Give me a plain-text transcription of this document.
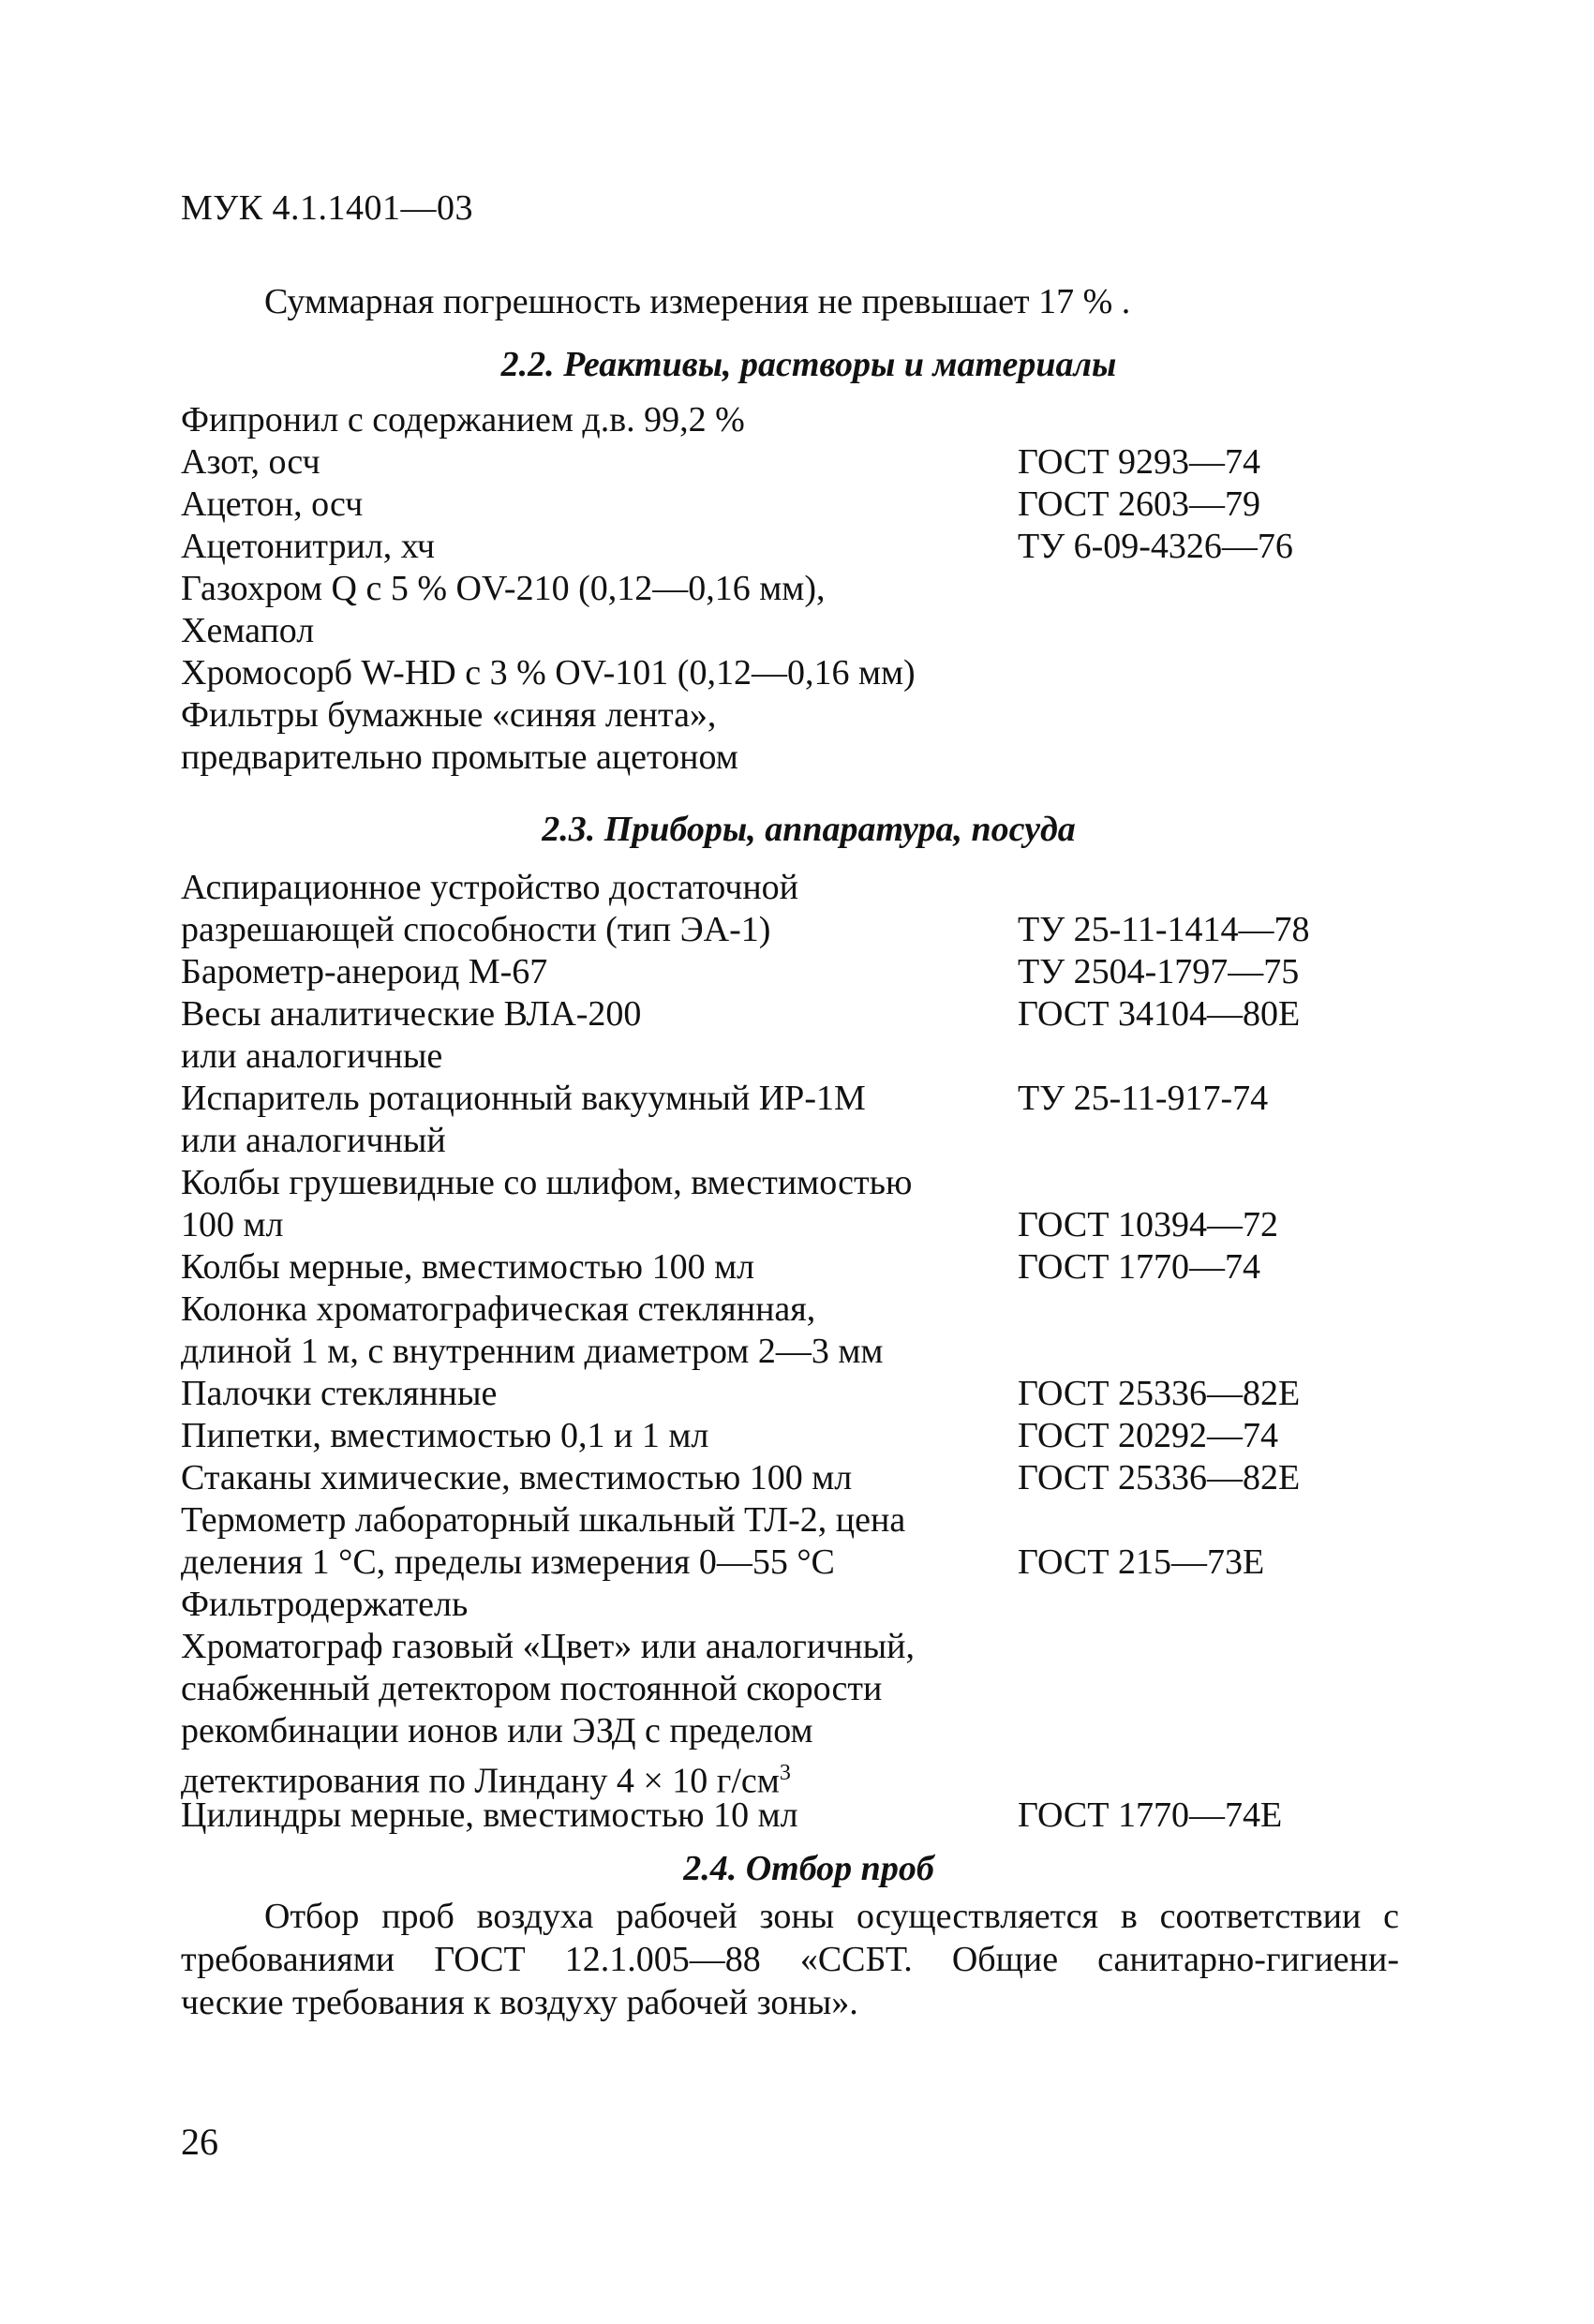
МУК 4.1.1401—03
Суммарная погрешность измерения не превышает 17 % .
2.2. Реактивы, растворы и материалы
Фипронил с содержанием д.в. 99,2 %
Азот, осч	ГОСТ 9293—74
Ацетон, осч	ГОСТ 2603—79
Ацетонитрил, хч	ТУ 6-09-4326—76
Газохром Q с 5 % OV-210 (0,12—0,16 мм),
Хемапол
Хромосорб W-HD с 3 % OV-101 (0,12—0,16 мм)
Фильтры бумажные «синяя лента»,
предварительно промытые ацетоном
2.3. Приборы, аппаратура, посуда
Аспирационное устройство достаточной
разрешающей способности (тип ЭА-1)	ТУ 25-11-1414—78
Барометр-анероид М-67	ТУ 2504-1797—75
Весы аналитические ВЛА-200	ГОСТ 34104—80Е
или аналогичные
Испаритель ротационный вакуумный ИР-1М	ТУ 25-11-917-74
или аналогичный
Колбы грушевидные со шлифом, вместимостью
100 мл	ГОСТ 10394—72
Колбы мерные, вместимостью 100 мл	ГОСТ 1770—74
Колонка хроматографическая стеклянная,
длиной 1 м, с внутренним диаметром 2—3 мм
Палочки стеклянные	ГОСТ 25336—82Е
Пипетки, вместимостью 0,1 и 1 мл	ГОСТ 20292—74
Стаканы химические, вместимостью 100 мл	ГОСТ 25336—82Е
Термометр лабораторный шкальный ТЛ-2, цена
деления 1 °С, пределы измерения 0—55 °С	ГОСТ 215—73Е
Фильтродержатель
Хроматограф газовый «Цвет» или аналогичный,
снабженный детектором постоянной скорости
рекомбинации ионов или ЭЗД с пределом
детектирования по Линдану 4 × 10 $г/см^3$
Цилиндры мерные, вместимостью 10 мл	ГОСТ 1770—74Е
2.4. Отбор проб
Отбор проб воздуха рабочей зоны осуществляется в соответствии с
требованиями ГОСТ 12.1.005—88 «ССБТ. Общие санитарно-гигиени-
ческие требования к воздуху рабочей зоны».
26
